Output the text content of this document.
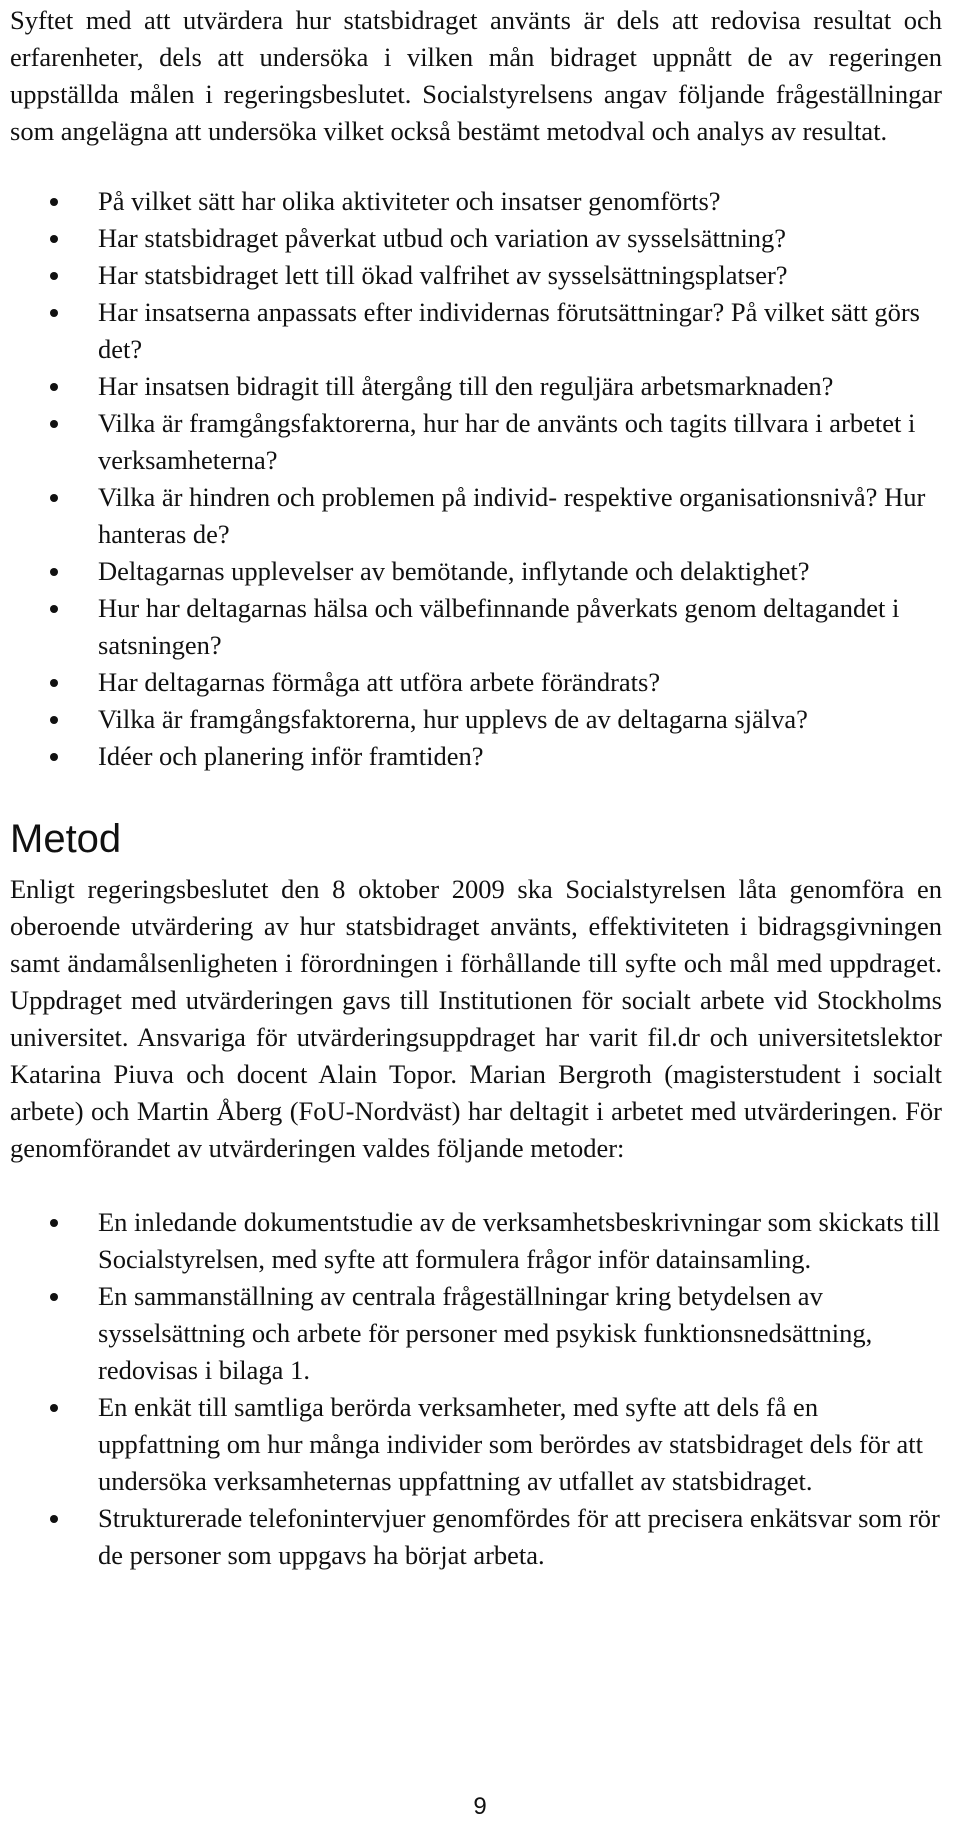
Syftet med att utvärdera hur statsbidraget använts är dels att redovisa resultat och erfarenheter, dels att undersöka i vilken mån bidraget uppnått de av regeringen uppställda målen i regeringsbeslutet. Socialstyrelsens angav följande frågeställningar som angelägna att undersöka vilket också bestämt metodval och analys av resultat.

På vilket sätt har olika aktiviteter och insatser genomförts?
Har statsbidraget påverkat utbud och variation av sysselsättning?
Har statsbidraget lett till ökad valfrihet av sysselsättningsplatser?
Har insatserna anpassats efter individernas förutsättningar? På vilket sätt görs det?
Har insatsen bidragit till återgång till den reguljära arbetsmarknaden?
Vilka är framgångsfaktorerna, hur har de använts och tagits tillvara i arbetet i verksamheterna?
Vilka är hindren och problemen på individ- respektive organisationsnivå? Hur hanteras de?
Deltagarnas upplevelser av bemötande, inflytande och delaktighet?
Hur har deltagarnas hälsa och välbefinnande påverkats genom deltagandet i satsningen?
Har deltagarnas förmåga att utföra arbete förändrats?
Vilka är framgångsfaktorerna, hur upplevs de av deltagarna själva?
Idéer och planering inför framtiden?
Metod

Enligt regeringsbeslutet den 8 oktober 2009 ska Socialstyrelsen låta genomföra en oberoende utvärdering av hur statsbidraget använts, effektiviteten i bidragsgivningen samt ändamålsenligheten i förordningen i förhållande till syfte och mål med uppdraget. Uppdraget med utvärderingen gavs till Institutionen för socialt arbete vid Stockholms universitet. Ansvariga för utvärderingsuppdraget har varit fil.dr och universitetslektor Katarina Piuva och docent Alain Topor. Marian Bergroth (magisterstudent i socialt arbete) och Martin Åberg (FoU-Nordväst) har deltagit i arbetet med utvärderingen. För genomförandet av utvärderingen valdes följande metoder:

En inledande dokumentstudie av de verksamhetsbeskrivningar som skickats till Socialstyrelsen, med syfte att formulera frågor inför datainsamling.
En sammanställning av centrala frågeställningar kring betydelsen av sysselsättning och arbete för personer med psykisk funktionsnedsättning, redovisas i bilaga 1.
En enkät till samtliga berörda verksamheter, med syfte att dels få en uppfattning om hur många individer som berördes av statsbidraget dels för att undersöka verksamheternas uppfattning av utfallet av statsbidraget.
Strukturerade telefonintervjuer genomfördes för att precisera enkätsvar som rör de personer som uppgavs ha börjat arbeta.
9
